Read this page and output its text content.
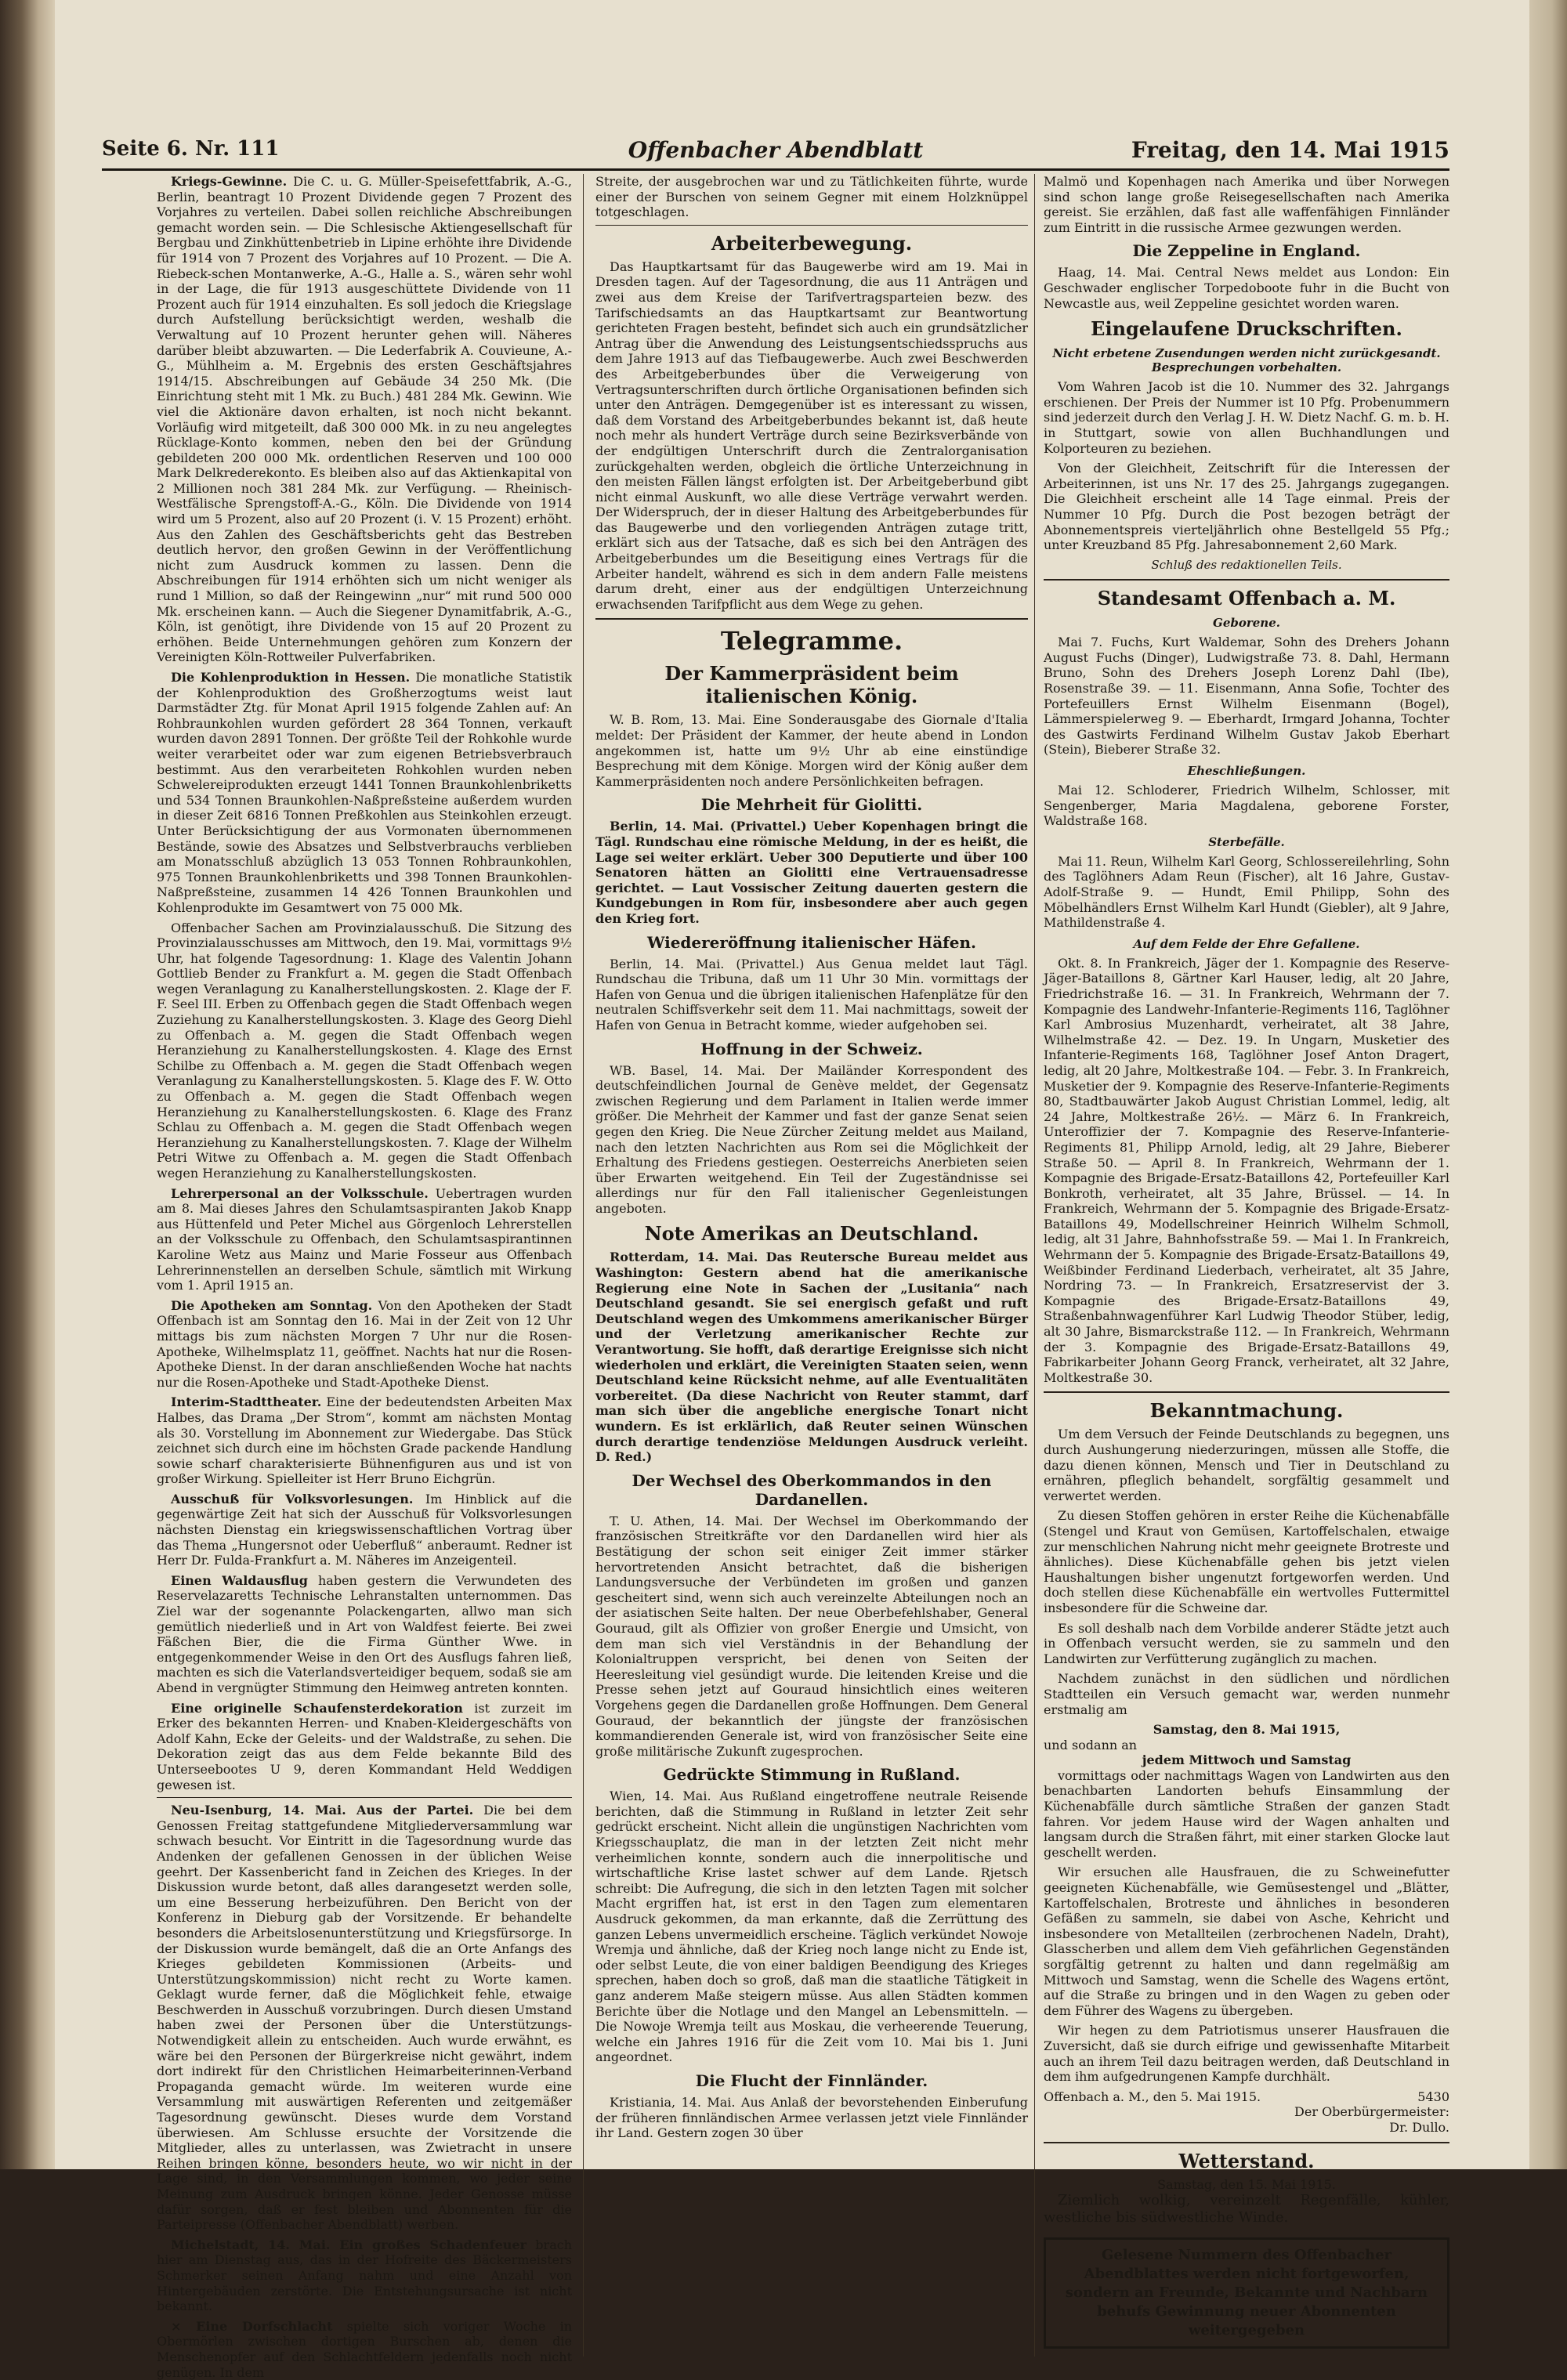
Seite 6. Nr. 111	Offenbacher Abendblatt	Freitag, den 14. Mai 1915

Kriegs-Gewinne. Die C. u. G. Müller-Speisefettfabrik, A.-G., Berlin, beantragt 10 Prozent Dividende gegen 7 Prozent des Vorjahres zu verteilen. Dabei sollen reichliche Abschreibungen gemacht worden sein. — Die Schlesische Aktiengesellschaft für Bergbau und Zinkhüttenbetrieb in Lipine erhöhte ihre Dividende für 1914 von 7 Prozent des Vorjahres auf 10 Prozent. — Die A. Riebeck-schen Montanwerke, A.-G., Halle a. S., wären sehr wohl in der Lage, die für 1913 ausgeschüttete Dividende von 11 Prozent auch für 1914 einzuhalten. Es soll jedoch die Kriegslage durch Aufstellung berücksichtigt werden, weshalb die Verwaltung auf 10 Prozent herunter gehen will. Näheres darüber bleibt abzuwarten. — Die Lederfabrik A. Couvieune, A.-G., Mühlheim a. M. Ergebnis des ersten Geschäftsjahres 1914/15. Abschreibungen auf Gebäude 34 250 Mk. (Die Einrichtung steht mit 1 Mk. zu Buch.) 481 284 Mk. Gewinn. Wie viel die Aktionäre davon erhalten, ist noch nicht bekannt. Vorläufig wird mitgeteilt, daß 300 000 Mk. in zu neu angelegtes Rücklage-Konto kommen, neben den bei der Gründung gebildeten 200 000 Mk. ordentlichen Reserven und 100 000 Mark Delkrederekonto. Es bleiben also auf das Aktienkapital von 2 Millionen noch 381 284 Mk. zur Verfügung. — Rheinisch-Westfälische Sprengstoff-A.-G., Köln. Die Dividende von 1914 wird um 5 Prozent, also auf 20 Prozent (i. V. 15 Prozent) erhöht. Aus den Zahlen des Geschäftsberichts geht das Bestreben deutlich hervor, den großen Gewinn in der Veröffentlichung nicht zum Ausdruck kommen zu lassen. Denn die Abschreibungen für 1914 erhöhten sich um nicht weniger als rund 1 Million, so daß der Reingewinn „nur“ mit rund 500 000 Mk. erscheinen kann. — Auch die Siegener Dynamitfabrik, A.-G., Köln, ist genötigt, ihre Dividende von 15 auf 20 Prozent zu erhöhen. Beide Unternehmungen gehören zum Konzern der Vereinigten Köln-Rottweiler Pulverfabriken.

Die Kohlenproduktion in Hessen. Die monatliche Statistik der Kohlenproduktion des Großherzogtums weist laut Darmstädter Ztg. für Monat April 1915 folgende Zahlen auf: An Rohbraunkohlen wurden gefördert 28 364 Tonnen, verkauft wurden davon 2891 Tonnen. Der größte Teil der Rohkohle wurde weiter verarbeitet oder war zum eigenen Betriebsverbrauch bestimmt. Aus den verarbeiteten Rohkohlen wurden neben Schwelereiprodukten erzeugt 1441 Tonnen Braunkohlenbriketts und 534 Tonnen Braunkohlen-Naßpreßsteine außerdem wurden in dieser Zeit 6816 Tonnen Preßkohlen aus Steinkohlen erzeugt. Unter Berücksichtigung der aus Vormonaten übernommenen Bestände, sowie des Absatzes und Selbstverbrauchs verblieben am Monatsschluß abzüglich 13 053 Tonnen Rohbraunkohlen, 975 Tonnen Braunkohlenbriketts und 398 Tonnen Braunkohlen-Naßpreßsteine, zusammen 14 426 Tonnen Braunkohlen und Kohlenprodukte im Gesamtwert von 75 000 Mk.

Offenbacher Sachen am Provinzialausschuß. Die Sitzung des Provinzialausschusses am Mittwoch, den 19. Mai, vormittags 9½ Uhr, hat folgende Tagesordnung: 1. Klage des Valentin Johann Gottlieb Bender zu Frankfurt a. M. gegen die Stadt Offenbach wegen Veranlagung zu Kanalherstellungskosten. 2. Klage der F. F. Seel III. Erben zu Offenbach gegen die Stadt Offenbach wegen Zuziehung zu Kanalherstellungskosten. 3. Klage des Georg Diehl zu Offenbach a. M. gegen die Stadt Offenbach wegen Heranziehung zu Kanalherstellungskosten. 4. Klage des Ernst Schilbe zu Offenbach a. M. gegen die Stadt Offenbach wegen Veranlagung zu Kanalherstellungskosten. 5. Klage des F. W. Otto zu Offenbach a. M. gegen die Stadt Offenbach wegen Heranziehung zu Kanalherstellungskosten. 6. Klage des Franz Schlau zu Offenbach a. M. gegen die Stadt Offenbach wegen Heranziehung zu Kanalherstellungskosten. 7. Klage der Wilhelm Petri Witwe zu Offenbach a. M. gegen die Stadt Offenbach wegen Heranziehung zu Kanalherstellungskosten.

Lehrerpersonal an der Volksschule. Uebertragen wurden am 8. Mai dieses Jahres den Schulamtsaspiranten Jakob Knapp aus Hüttenfeld und Peter Michel aus Görgenloch Lehrerstellen an der Volksschule zu Offenbach, den Schulamtsaspirantinnen Karoline Wetz aus Mainz und Marie Fosseur aus Offenbach Lehrerinnenstellen an derselben Schule, sämtlich mit Wirkung vom 1. April 1915 an.

Die Apotheken am Sonntag. Von den Apotheken der Stadt Offenbach ist am Sonntag den 16. Mai in der Zeit von 12 Uhr mittags bis zum nächsten Morgen 7 Uhr nur die Rosen-Apotheke, Wilhelmsplatz 11, geöffnet. Nachts hat nur die Rosen-Apotheke Dienst. In der daran anschließenden Woche hat nachts nur die Rosen-Apotheke und Stadt-Apotheke Dienst.

Interim-Stadttheater. Eine der bedeutendsten Arbeiten Max Halbes, das Drama „Der Strom“, kommt am nächsten Montag als 30. Vorstellung im Abonnement zur Wiedergabe. Das Stück zeichnet sich durch eine im höchsten Grade packende Handlung sowie scharf charakterisierte Bühnenfiguren aus und ist von großer Wirkung. Spielleiter ist Herr Bruno Eichgrün.

Ausschuß für Volksvorlesungen. Im Hinblick auf die gegenwärtige Zeit hat sich der Ausschuß für Volksvorlesungen nächsten Dienstag ein kriegswissenschaftlichen Vortrag über das Thema „Hungersnot oder Ueberfluß“ anberaumt. Redner ist Herr Dr. Fulda-Frankfurt a. M. Näheres im Anzeigenteil.

Einen Waldausflug haben gestern die Verwundeten des Reservelazaretts Technische Lehranstalten unternommen. Das Ziel war der sogenannte Polackengarten, allwo man sich gemütlich niederließ und in Art von Waldfest feierte. Bei zwei Fäßchen Bier, die die Firma Günther Wwe. in entgegenkommender Weise in den Ort des Ausflugs fahren ließ, machten es sich die Vaterlandsverteidiger bequem, sodaß sie am Abend in vergnügter Stimmung den Heimweg antreten konnten.

Eine originelle Schaufensterdekoration ist zurzeit im Erker des bekannten Herren- und Knaben-Kleidergeschäfts von Adolf Kahn, Ecke der Geleits- und der Waldstraße, zu sehen. Die Dekoration zeigt das aus dem Felde bekannte Bild des Unterseebootes U 9, deren Kommandant Held Weddigen gewesen ist.

Neu-Isenburg, 14. Mai. Aus der Partei. Die bei dem Genossen Freitag stattgefundene Mitgliederversammlung war schwach besucht. Vor Eintritt in die Tagesordnung wurde das Andenken der gefallenen Genossen in der üblichen Weise geehrt. Der Kassenbericht fand in Zeichen des Krieges. In der Diskussion wurde betont, daß alles darangesetzt werden solle, um eine Besserung herbeizuführen. Den Bericht von der Konferenz in Dieburg gab der Vorsitzende. Er behandelte besonders die Arbeitslosenunterstützung und Kriegsfürsorge. In der Diskussion wurde bemängelt, daß die an Orte Anfangs des Krieges gebildeten Kommissionen (Arbeits- und Unterstützungskommission) nicht recht zu Worte kamen. Geklagt wurde ferner, daß die Möglichkeit fehle, etwaige Beschwerden in Ausschuß vorzubringen. Durch diesen Umstand haben zwei der Personen über die Unterstützungs-Notwendigkeit allein zu entscheiden. Auch wurde erwähnt, es wäre bei den Personen der Bürgerkreise nicht gewährt, indem dort indirekt für den Christlichen Heimarbeiterinnen-Verband Propaganda gemacht würde. Im weiteren wurde eine Versammlung mit auswärtigen Referenten und zeitgemäßer Tagesordnung gewünscht. Dieses wurde dem Vorstand überwiesen. Am Schlusse ersuchte der Vorsitzende die Mitglieder, alles zu unterlassen, was Zwietracht in unsere Reihen bringen könne, besonders heute, wo wir nicht in der Lage sind, in den Versammlungen kommen, wo jeder seine Meinung zum Ausdruck bringen könne. Jeder Genosse müsse dafür sorgen, daß er fest bleiben und Abonnenten für die Parteipresse (Offenbacher Abendblatt) werben.

Michelstadt, 14. Mai. Ein großes Schadenfeuer brach hier am Dienstag aus, das in der Hofreite des Bäckermeisters Schmerker seinen Anfang nahm und eine Anzahl von Hintergebäuden zerstörte. Die Entstehungsursache ist nicht bekannt.

× Eine Dorfschlacht spielte sich voriger Woche in Obermörlen zwischen dortigen Burschen ab, denen die Menschenopfer auf den Schlachtfeldern jedenfalls noch nicht genügen. In dem

Streite, der ausgebrochen war und zu Tätlichkeiten führte, wurde einer der Burschen von seinem Gegner mit einem Holzknüppel totgeschlagen.

Arbeiterbewegung.

Das Hauptkartsamt für das Baugewerbe wird am 19. Mai in Dresden tagen. Auf der Tagesordnung, die aus 11 Anträgen und zwei aus dem Kreise der Tarifvertragsparteien bezw. des Tarifschiedsamts an das Hauptkartsamt zur Beantwortung gerichteten Fragen besteht, befindet sich auch ein grundsätzlicher Antrag über die Anwendung des Leistungsentschiedsspruchs aus dem Jahre 1913 auf das Tiefbaugewerbe. Auch zwei Beschwerden des Arbeitgeberbundes über die Verweigerung von Vertragsunterschriften durch örtliche Organisationen befinden sich unter den Anträgen. Demgegenüber ist es interessant zu wissen, daß dem Vorstand des Arbeitgeberbundes bekannt ist, daß heute noch mehr als hundert Verträge durch seine Bezirksverbände von der endgültigen Unterschrift durch die Zentralorganisation zurückgehalten werden, obgleich die örtliche Unterzeichnung in den meisten Fällen längst erfolgten ist. Der Arbeitgeberbund gibt nicht einmal Auskunft, wo alle diese Verträge verwahrt werden. Der Widerspruch, der in dieser Haltung des Arbeitgeberbundes für das Baugewerbe und den vorliegenden Anträgen zutage tritt, erklärt sich aus der Tatsache, daß es sich bei den Anträgen des Arbeitgeberbundes um die Beseitigung eines Vertrags für die Arbeiter handelt, während es sich in dem andern Falle meistens darum dreht, einer aus der endgültigen Unterzeichnung erwachsenden Tarifpflicht aus dem Wege zu gehen.

Telegramme.
Der Kammerpräsident beim italienischen König.

W. B. Rom, 13. Mai. Eine Sonderausgabe des Giornale d'Italia meldet: Der Präsident der Kammer, der heute abend in London angekommen ist, hatte um 9½ Uhr ab eine einstündige Besprechung mit dem Könige. Morgen wird der König außer dem Kammerpräsidenten noch andere Persönlichkeiten befragen.

Die Mehrheit für Giolitti.

Berlin, 14. Mai. (Privattel.) Ueber Kopenhagen bringt die Tägl. Rundschau eine römische Meldung, in der es heißt, die Lage sei weiter erklärt. Ueber 300 Deputierte und über 100 Senatoren hätten an Giolitti eine Vertrauensadresse gerichtet. — Laut Vossischer Zeitung dauerten gestern die Kundgebungen in Rom für, insbesondere aber auch gegen den Krieg fort.

Wiedereröffnung italienischer Häfen.

Berlin, 14. Mai. (Privattel.) Aus Genua meldet laut Tägl. Rundschau die Tribuna, daß um 11 Uhr 30 Min. vormittags der Hafen von Genua und die übrigen italienischen Hafenplätze für den neutralen Schiffsverkehr seit dem 11. Mai nachmittags, soweit der Hafen von Genua in Betracht komme, wieder aufgehoben sei.

Hoffnung in der Schweiz.

WB. Basel, 14. Mai. Der Mailänder Korrespondent des deutschfeindlichen Journal de Genève meldet, der Gegensatz zwischen Regierung und dem Parlament in Italien werde immer größer. Die Mehrheit der Kammer und fast der ganze Senat seien gegen den Krieg. Die Neue Zürcher Zeitung meldet aus Mailand, nach den letzten Nachrichten aus Rom sei die Möglichkeit der Erhaltung des Friedens gestiegen. Oesterreichs Anerbieten seien über Erwarten weitgehend. Ein Teil der Zugeständnisse sei allerdings nur für den Fall italienischer Gegenleistungen angeboten.

Note Amerikas an Deutschland.

Rotterdam, 14. Mai. Das Reutersche Bureau meldet aus Washington: Gestern abend hat die amerikanische Regierung eine Note in Sachen der „Lusitania“ nach Deutschland gesandt. Sie sei energisch gefaßt und ruft Deutschland wegen des Umkommens amerikanischer Bürger und der Verletzung amerikanischer Rechte zur Verantwortung. Sie hofft, daß derartige Ereignisse sich nicht wiederholen und erklärt, die Vereinigten Staaten seien, wenn Deutschland keine Rücksicht nehme, auf alle Eventualitäten vorbereitet. (Da diese Nachricht von Reuter stammt, darf man sich über die angebliche energische Tonart nicht wundern. Es ist erklärlich, daß Reuter seinen Wünschen durch derartige tendenziöse Meldungen Ausdruck verleiht. D. Red.)

Der Wechsel des Oberkommandos in den Dardanellen.

T. U. Athen, 14. Mai. Der Wechsel im Oberkommando der französischen Streitkräfte vor den Dardanellen wird hier als Bestätigung der schon seit einiger Zeit immer stärker hervortretenden Ansicht betrachtet, daß die bisherigen Landungsversuche der Verbündeten im großen und ganzen gescheitert sind, wenn sich auch vereinzelte Abteilungen noch an der asiatischen Seite halten. Der neue Oberbefehlshaber, General Gouraud, gilt als Offizier von großer Energie und Umsicht, von dem man sich viel Verständnis in der Behandlung der Kolonialtruppen verspricht, bei denen von Seiten der Heeresleitung viel gesündigt wurde. Die leitenden Kreise und die Presse sehen jetzt auf Gouraud hinsichtlich eines weiteren Vorgehens gegen die Dardanellen große Hoffnungen. Dem General Gouraud, der bekanntlich der jüngste der französischen kommandierenden Generale ist, wird von französischer Seite eine große militärische Zukunft zugesprochen.

Gedrückte Stimmung in Rußland.

Wien, 14. Mai. Aus Rußland eingetroffene neutrale Reisende berichten, daß die Stimmung in Rußland in letzter Zeit sehr gedrückt erscheint. Nicht allein die ungünstigen Nachrichten vom Kriegsschauplatz, die man in der letzten Zeit nicht mehr verheimlichen konnte, sondern auch die innerpolitische und wirtschaftliche Krise lastet schwer auf dem Lande. Rjetsch schreibt: Die Aufregung, die sich in den letzten Tagen mit solcher Macht ergriffen hat, ist erst in den Tagen zum elementaren Ausdruck gekommen, da man erkannte, daß die Zerrüttung des ganzen Lebens unvermeidlich erscheine. Täglich verkündet Nowoje Wremja und ähnliche, daß der Krieg noch lange nicht zu Ende ist, oder selbst Leute, die von einer baldigen Beendigung des Krieges sprechen, haben doch so groß, daß man die staatliche Tätigkeit in ganz anderem Maße steigern müsse. Aus allen Städten kommen Berichte über die Notlage und den Mangel an Lebensmitteln. — Die Nowoje Wremja teilt aus Moskau, die verheerende Teuerung, welche ein Jahres 1916 für die Zeit vom 10. Mai bis 1. Juni angeordnet.

Die Flucht der Finnländer.

Kristiania, 14. Mai. Aus Anlaß der bevorstehenden Einberufung der früheren finnländischen Armee verlassen jetzt viele Finnländer ihr Land. Gestern zogen 30 über

Malmö und Kopenhagen nach Amerika und über Norwegen sind schon lange große Reisegesellschaften nach Amerika gereist. Sie erzählen, daß fast alle waffenfähigen Finnländer zum Eintritt in die russische Armee gezwungen werden.

Die Zeppeline in England.

Haag, 14. Mai. Central News meldet aus London: Ein Geschwader englischer Torpedoboote fuhr in die Bucht von Newcastle aus, weil Zeppeline gesichtet worden waren.

Eingelaufene Druckschriften.
Nicht erbetene Zusendungen werden nicht zurückgesandt. Besprechungen vorbehalten.

Vom Wahren Jacob ist die 10. Nummer des 32. Jahrgangs erschienen. Der Preis der Nummer ist 10 Pfg. Probenummern sind jederzeit durch den Verlag J. H. W. Dietz Nachf. G. m. b. H. in Stuttgart, sowie von allen Buchhandlungen und Kolporteuren zu beziehen.

Von der Gleichheit, Zeitschrift für die Interessen der Arbeiterinnen, ist uns Nr. 17 des 25. Jahrgangs zugegangen. Die Gleichheit erscheint alle 14 Tage einmal. Preis der Nummer 10 Pfg. Durch die Post bezogen beträgt der Abonnementspreis vierteljährlich ohne Bestellgeld 55 Pfg.; unter Kreuzband 85 Pfg. Jahresabonnement 2,60 Mark.

Schluß des redaktionellen Teils.
Standesamt Offenbach a. M.
Geborene.

Mai 7. Fuchs, Kurt Waldemar, Sohn des Drehers Johann August Fuchs (Dinger), Ludwigstraße 73. 8. Dahl, Hermann Bruno, Sohn des Drehers Joseph Lorenz Dahl (Ibe), Rosenstraße 39. — 11. Eisenmann, Anna Sofie, Tochter des Portefeuillers Ernst Wilhelm Eisenmann (Bogel), Lämmerspielerweg 9. — Eberhardt, Irmgard Johanna, Tochter des Gastwirts Ferdinand Wilhelm Gustav Jakob Eberhart (Stein), Bieberer Straße 32.

Eheschließungen.

Mai 12. Schloderer, Friedrich Wilhelm, Schlosser, mit Sengenberger, Maria Magdalena, geborene Forster, Waldstraße 168.

Sterbefälle.

Mai 11. Reun, Wilhelm Karl Georg, Schlossereilehrling, Sohn des Taglöhners Adam Reun (Fischer), alt 16 Jahre, Gustav-Adolf-Straße 9. — Hundt, Emil Philipp, Sohn des Möbelhändlers Ernst Wilhelm Karl Hundt (Giebler), alt 9 Jahre, Mathildenstraße 4.

Auf dem Felde der Ehre Gefallene.

Okt. 8. In Frankreich, Jäger der 1. Kompagnie des Reserve-Jäger-Bataillons 8, Gärtner Karl Hauser, ledig, alt 20 Jahre, Friedrichstraße 16. — 31. In Frankreich, Wehrmann der 7. Kompagnie des Landwehr-Infanterie-Regiments 116, Taglöhner Karl Ambrosius Muzenhardt, verheiratet, alt 38 Jahre, Wilhelmstraße 42. — Dez. 19. In Ungarn, Musketier des Infanterie-Regiments 168, Taglöhner Josef Anton Dragert, ledig, alt 20 Jahre, Moltkestraße 104. — Febr. 3. In Frankreich, Musketier der 9. Kompagnie des Reserve-Infanterie-Regiments 80, Stadtbauwärter Jakob August Christian Lommel, ledig, alt 24 Jahre, Moltkestraße 26½. — März 6. In Frankreich, Unteroffizier der 7. Kompagnie des Reserve-Infanterie-Regiments 81, Philipp Arnold, ledig, alt 29 Jahre, Bieberer Straße 50. — April 8. In Frankreich, Wehrmann der 1. Kompagnie des Brigade-Ersatz-Bataillons 42, Portefeuiller Karl Bonkroth, verheiratet, alt 35 Jahre, Brüssel. — 14. In Frankreich, Wehrmann der 5. Kompagnie des Brigade-Ersatz-Bataillons 49, Modellschreiner Heinrich Wilhelm Schmoll, ledig, alt 31 Jahre, Bahnhofsstraße 59. — Mai 1. In Frankreich, Wehrmann der 5. Kompagnie des Brigade-Ersatz-Bataillons 49, Weißbinder Ferdinand Liederbach, verheiratet, alt 35 Jahre, Nordring 73. — In Frankreich, Ersatzreservist der 3. Kompagnie des Brigade-Ersatz-Bataillons 49, Straßenbahnwagenführer Karl Ludwig Theodor Stüber, ledig, alt 30 Jahre, Bismarckstraße 112. — In Frankreich, Wehrmann der 3. Kompagnie des Brigade-Ersatz-Bataillons 49, Fabrikarbeiter Johann Georg Franck, verheiratet, alt 32 Jahre, Moltkestraße 30.

Bekanntmachung.

Um dem Versuch der Feinde Deutschlands zu begegnen, uns durch Aushungerung niederzuringen, müssen alle Stoffe, die dazu dienen können, Mensch und Tier in Deutschland zu ernähren, pfleglich behandelt, sorgfältig gesammelt und verwertet werden.

Zu diesen Stoffen gehören in erster Reihe die Küchenabfälle (Stengel und Kraut von Gemüsen, Kartoffelschalen, etwaige zur menschlichen Nahrung nicht mehr geeignete Brotreste und ähnliches). Diese Küchenabfälle gehen bis jetzt vielen Haushaltungen bisher ungenutzt fortgeworfen werden. Und doch stellen diese Küchenabfälle ein wertvolles Futtermittel insbesondere für die Schweine dar.

Es soll deshalb nach dem Vorbilde anderer Städte jetzt auch in Offenbach versucht werden, sie zu sammeln und den Landwirten zur Verfütterung zugänglich zu machen.

Nachdem zunächst in den südlichen und nördlichen Stadtteilen ein Versuch gemacht war, werden nunmehr erstmalig am

Samstag, den 8. Mai 1915,
und sodann an
jedem Mittwoch und Samstag

vormittags oder nachmittags Wagen von Landwirten aus den benachbarten Landorten behufs Einsammlung der Küchenabfälle durch sämtliche Straßen der ganzen Stadt fahren. Vor jedem Hause wird der Wagen anhalten und langsam durch die Straßen fährt, mit einer starken Glocke laut geschellt werden.

Wir ersuchen alle Hausfrauen, die zu Schweinefutter geeigneten Küchenabfälle, wie Gemüsestengel und „Blätter, Kartoffelschalen, Brotreste und ähnliches in besonderen Gefäßen zu sammeln, sie dabei von Asche, Kehricht und insbesondere von Metallteilen (zerbrochenen Nadeln, Draht), Glasscherben und allem dem Vieh gefährlichen Gegenständen sorgfältig getrennt zu halten und dann regelmäßig am Mittwoch und Samstag, wenn die Schelle des Wagens ertönt, auf die Straße zu bringen und in den Wagen zu geben oder dem Führer des Wagens zu übergeben.

Wir hegen zu dem Patriotismus unserer Hausfrauen die Zuversicht, daß sie durch eifrige und gewissenhafte Mitarbeit auch an ihrem Teil dazu beitragen werden, daß Deutschland in dem ihm aufgedrungenen Kampfe durchhält.

Offenbach a. M., den 5. Mai 1915.	5430
Der Oberbürgermeister:
Dr. Dullo.
Wetterstand.
Samstag, den 15. Mai 1915.

Ziemlich wolkig, vereinzelt Regenfälle, kühler, westliche bis südwestliche Winde.

Gelesene Nummern des Offenbacher Abendblattes werden nicht fortgeworfen, sondern an Freunde, Bekannte und Nachbarn behufs Gewinnung neuer Abonnenten weitergegeben
